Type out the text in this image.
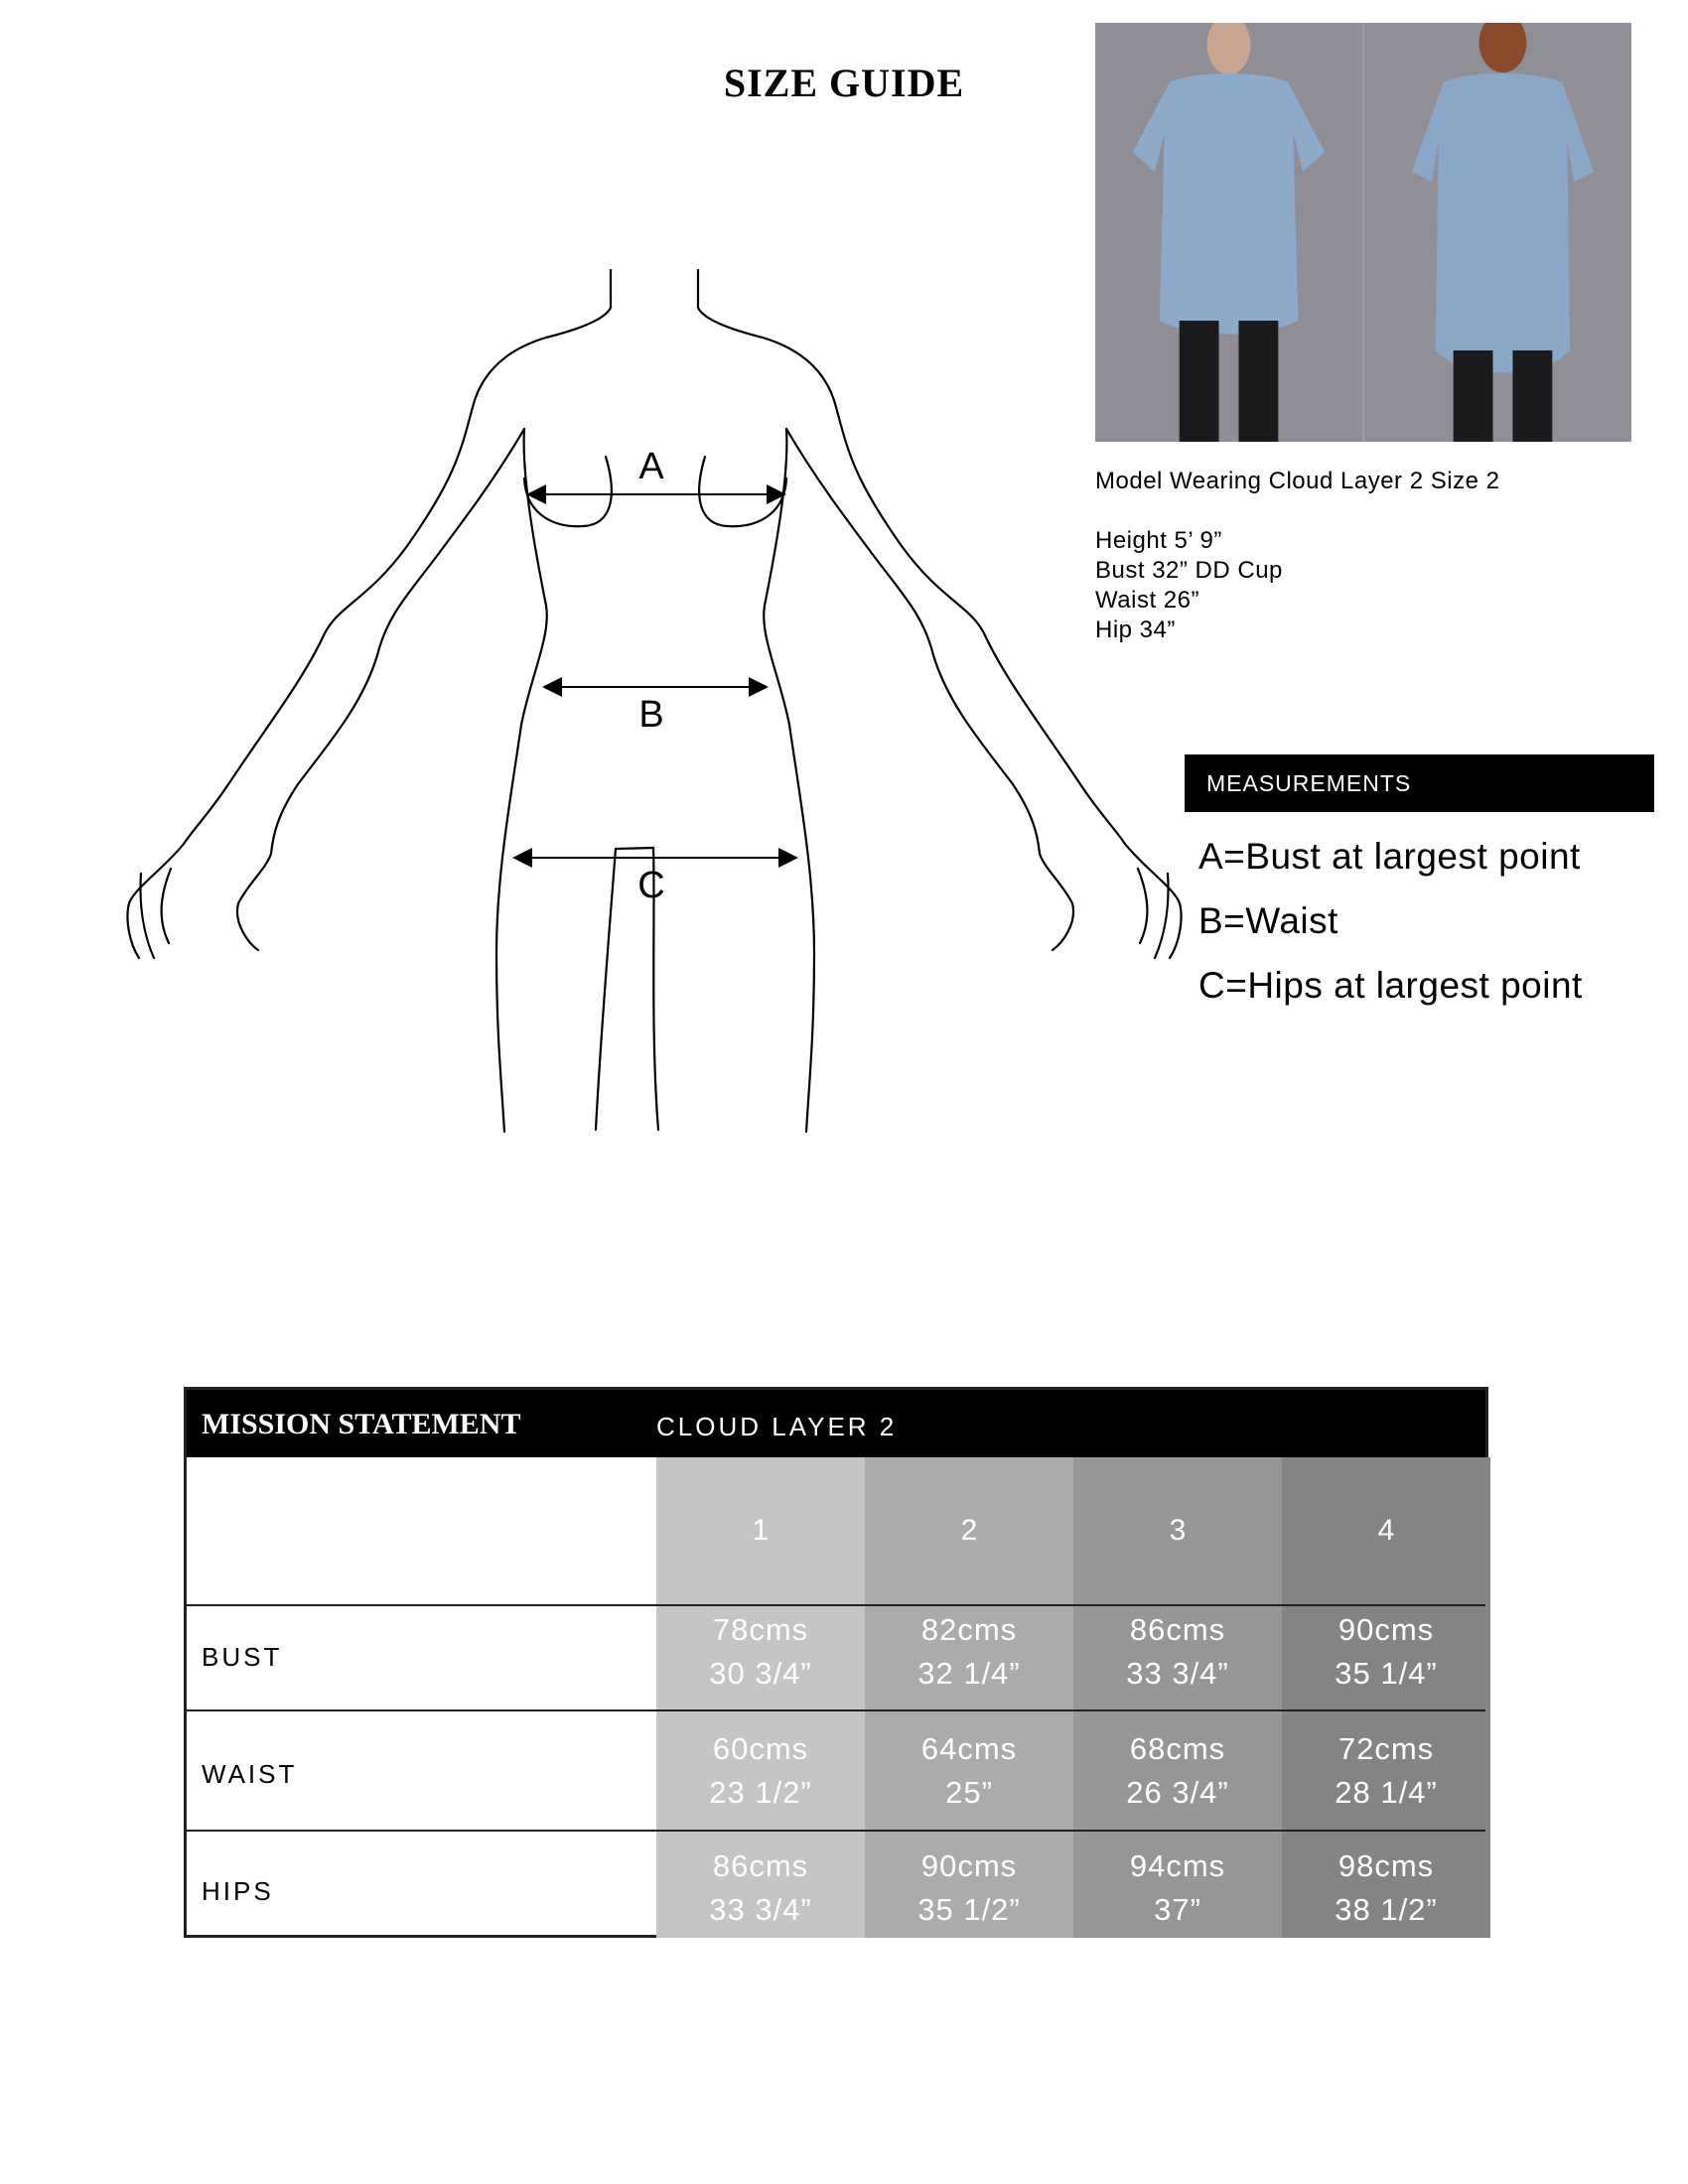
SIZE GUIDE
A
B
C
Model Wearing Cloud Layer 2 Size 2
Height 5’ 9”
Bust 32” DD Cup
Waist 26”
Hip 34”
MEASUREMENTS
A=Bust at largest point
B=Waist
C=Hips at largest point
MISSION STATEMENT	CLOUD LAYER 2
1
78cms
30 3/4”
60cms
23 1/2”
86cms
33 3/4”
2
82cms
32 1/4”
64cms
25”
90cms
35 1/2”
3
86cms
33 3/4”
68cms
26 3/4”
94cms
37”
4
90cms
35 1/4”
72cms
28 1/4”
98cms
38 1/2”
BUST
WAIST
HIPS
